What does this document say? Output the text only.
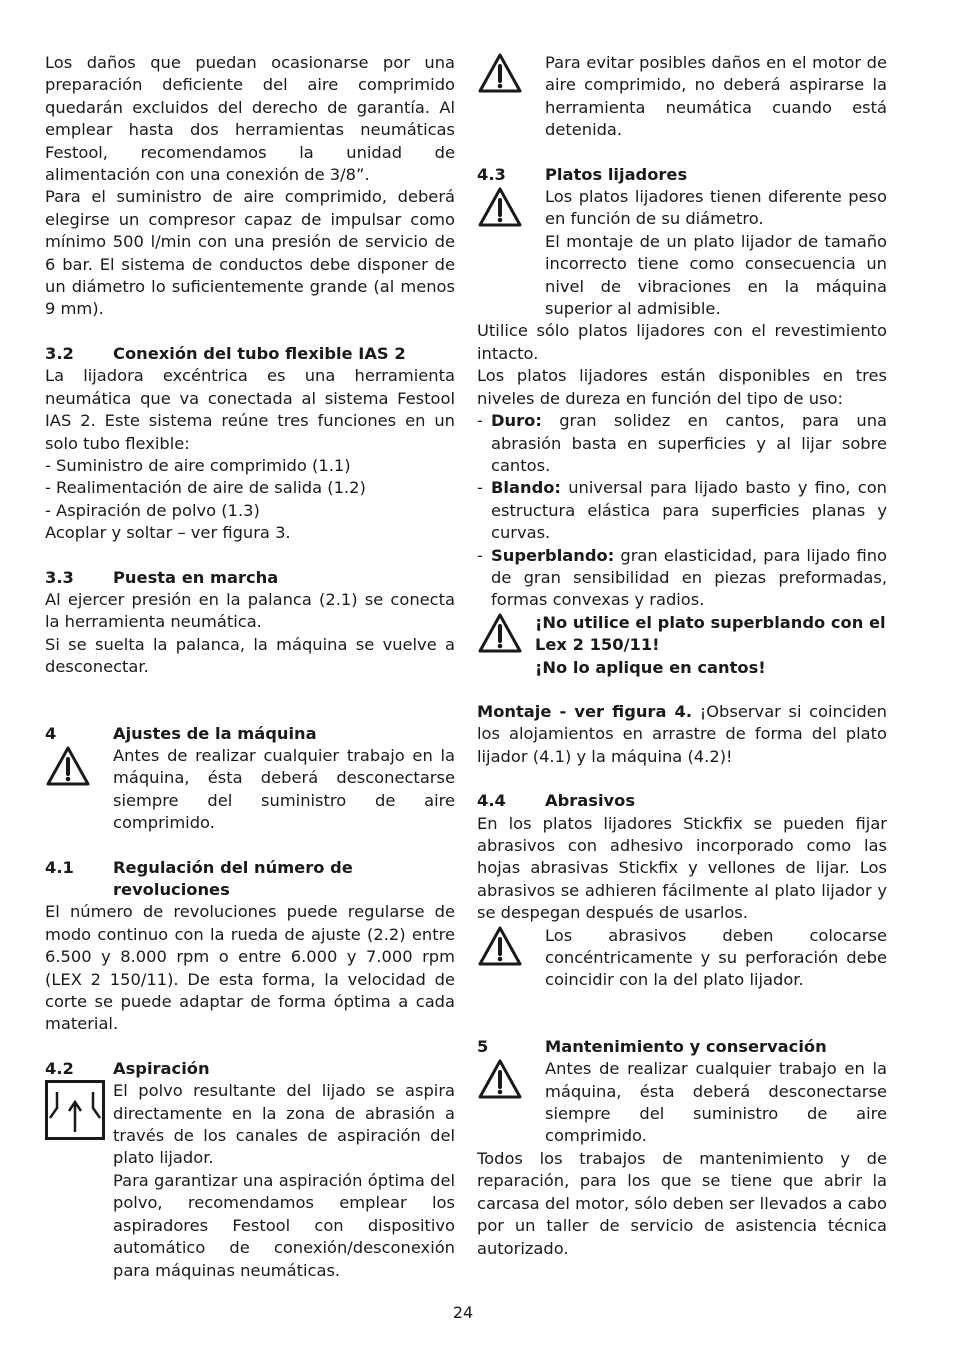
Los daños que puedan ocasionarse por una preparación deficiente del aire comprimido quedarán excluidos del derecho de garantía. Al emplear hasta dos herramientas neumáticas Festool, recomendamos la unidad de alimentación con una conexión de 3/8”.

Para el suministro de aire comprimido, deberá elegirse un compresor capaz de impulsar como mínimo 500 l/min con una presión de servicio de 6 bar. El sistema de conductos debe disponer de un diámetro lo suficientemente grande (al menos 9 mm).

3.2	Conexión del tubo flexible IAS 2

La lijadora excéntrica es una herramienta neumática que va conectada al sistema Festool IAS 2. Este sistema reúne tres funciones en un solo tubo flexible:

- Suministro de aire comprimido (1.1)

- Realimentación de aire de salida (1.2)

- Aspiración de polvo (1.3)

Acoplar y soltar – ver figura 3.

3.3	Puesta en marcha

Al ejercer presión en la palanca (2.1) se conecta la herramienta neumática.

Si se suelta la palanca, la máquina se vuelve a desconectar.

4	Ajustes de la máquina

Antes de realizar cualquier trabajo en la máquina, ésta deberá desconectarse siempre del suministro de aire comprimido.

4.1	Regulación del número de revoluciones

El número de revoluciones puede regularse de modo continuo con la rueda de ajuste (2.2) entre 6.500 y 8.000 rpm o entre 6.000 y 7.000 rpm (LEX 2 150/11). De esta forma, la velocidad de corte se puede adaptar de forma óptima a cada material.

4.2	Aspiración

El polvo resultante del lijado se aspira directamente en la zona de abrasión a través de los canales de aspiración del plato lijador.

Para garantizar una aspiración óptima del polvo, recomendamos emplear los aspiradores Festool con dispositivo automático de conexión/desconexión para máquinas neumáticas.

Para evitar posibles daños en el motor de aire comprimido, no deberá aspirarse la herramienta neumática cuando está detenida.

4.3	Platos lijadores

Los platos lijadores tienen diferente peso en función de su diámetro.

El montaje de un plato lijador de tamaño incorrecto tiene como consecuencia un nivel de vibraciones en la máquina superior al admisible.

Utilice sólo platos lijadores con el revestimiento intacto.

Los platos lijadores están disponibles en tres niveles de dureza en función del tipo de uso:

- Duro: gran solidez en cantos, para una abrasión basta en superficies y al lijar sobre cantos.
- Blando: universal para lijado basto y fino, con estructura elástica para superficies planas y curvas.
- Superblando: gran elasticidad, para lijado fino de gran sensibilidad en piezas preformadas, formas convexas y radios.

¡No utilice el plato superblando con el Lex 2 150/11!

¡No lo aplique en cantos!

Montaje - ver figura 4. ¡Observar si coinciden los alojamientos en arrastre de forma del plato lijador (4.1) y la máquina (4.2)!

4.4	Abrasivos

En los platos lijadores Stickfix se pueden fijar abrasivos con adhesivo incorporado como las hojas abrasivas Stickfix y vellones de lijar. Los abrasivos se adhieren fácilmente al plato lijador y se despegan después de usarlos.

Los abrasivos deben colocarse concéntricamente y su perforación debe coincidir con la del plato lijador.

5	Mantenimiento y conservación

Antes de realizar cualquier trabajo en la máquina, ésta deberá desconectarse siempre del suministro de aire comprimido.

Todos los trabajos de mantenimiento y de reparación, para los que se tiene que abrir la carcasa del motor, sólo deben ser llevados a cabo por un taller de servicio de asistencia técnica autorizado.

24
